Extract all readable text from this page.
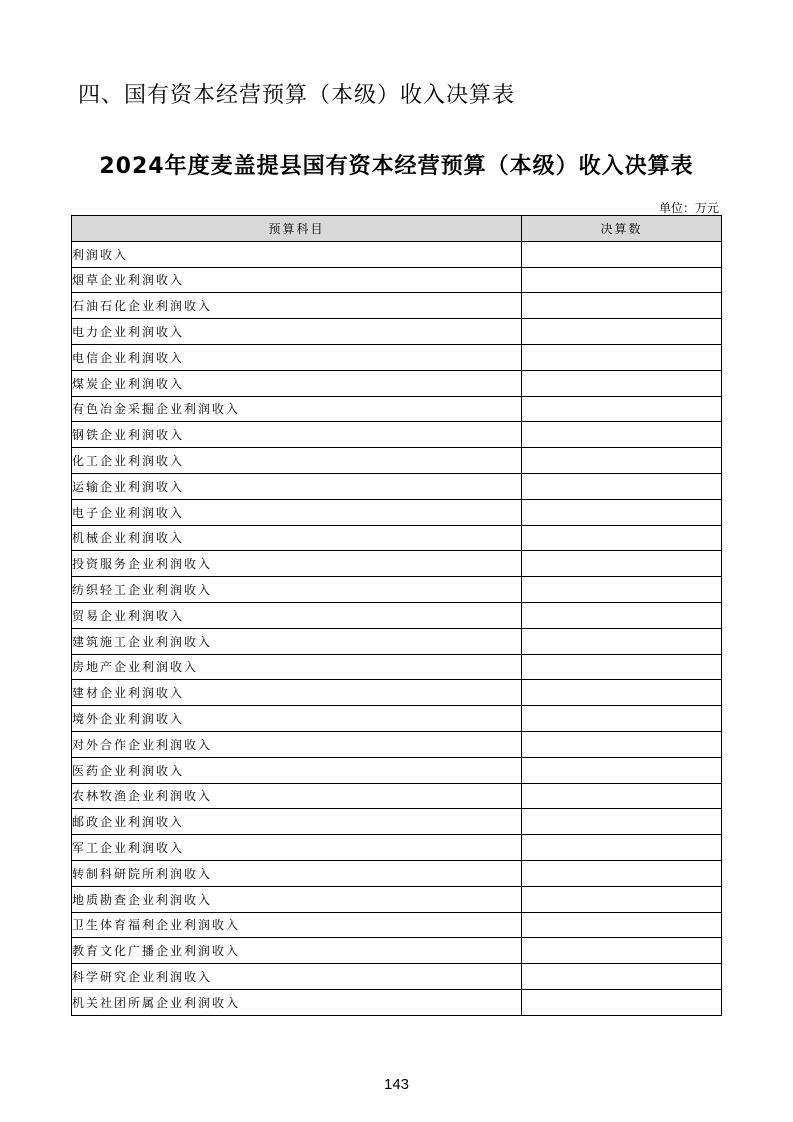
四、国有资本经营预算（本级）收入决算表
2024年度麦盖提县国有资本经营预算（本级）收入决算表
单位：万元
预算科目	决算数
利润收入	
烟草企业利润收入	
石油石化企业利润收入	
电力企业利润收入	
电信企业利润收入	
煤炭企业利润收入	
有色冶金采掘企业利润收入	
钢铁企业利润收入	
化工企业利润收入	
运输企业利润收入	
电子企业利润收入	
机械企业利润收入	
投资服务企业利润收入	
纺织轻工企业利润收入	
贸易企业利润收入	
建筑施工企业利润收入	
房地产企业利润收入	
建材企业利润收入	
境外企业利润收入	
对外合作企业利润收入	
医药企业利润收入	
农林牧渔企业利润收入	
邮政企业利润收入	
军工企业利润收入	
转制科研院所利润收入	
地质勘查企业利润收入	
卫生体育福利企业利润收入	
教育文化广播企业利润收入	
科学研究企业利润收入	
机关社团所属企业利润收入	
143
